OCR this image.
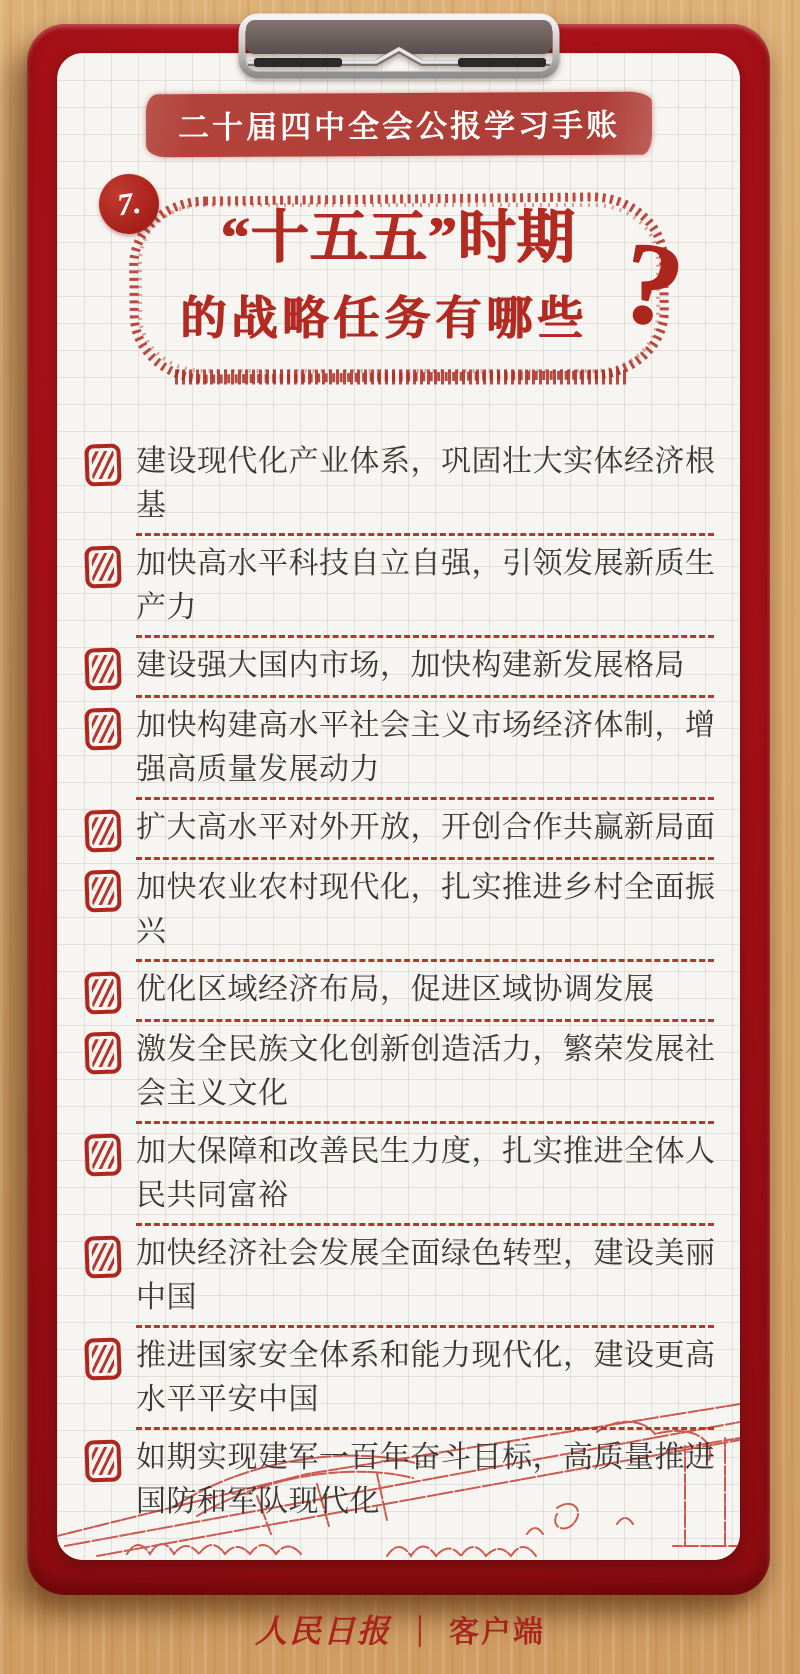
二十届四中全会公报学习手账
7.
“十五五”时期
的战略任务有哪些 ?
建设现代化产业体系，巩固壮大实体经济根基
加快高水平科技自立自强，引领发展新质生产力
建设强大国内市场，加快构建新发展格局
加快构建高水平社会主义市场经济体制，增强高质量发展动力
扩大高水平对外开放，开创合作共赢新局面
加快农业农村现代化，扎实推进乡村全面振兴
优化区域经济布局，促进区域协调发展
激发全民族文化创新创造活力，繁荣发展社会主义文化
加大保障和改善民生力度，扎实推进全体人民共同富裕
加快经济社会发展全面绿色转型，建设美丽中国
推进国家安全体系和能力现代化，建设更高水平平安中国
如期实现建军一百年奋斗目标，高质量推进国防和军队现代化
人民日报 丨 客户端
